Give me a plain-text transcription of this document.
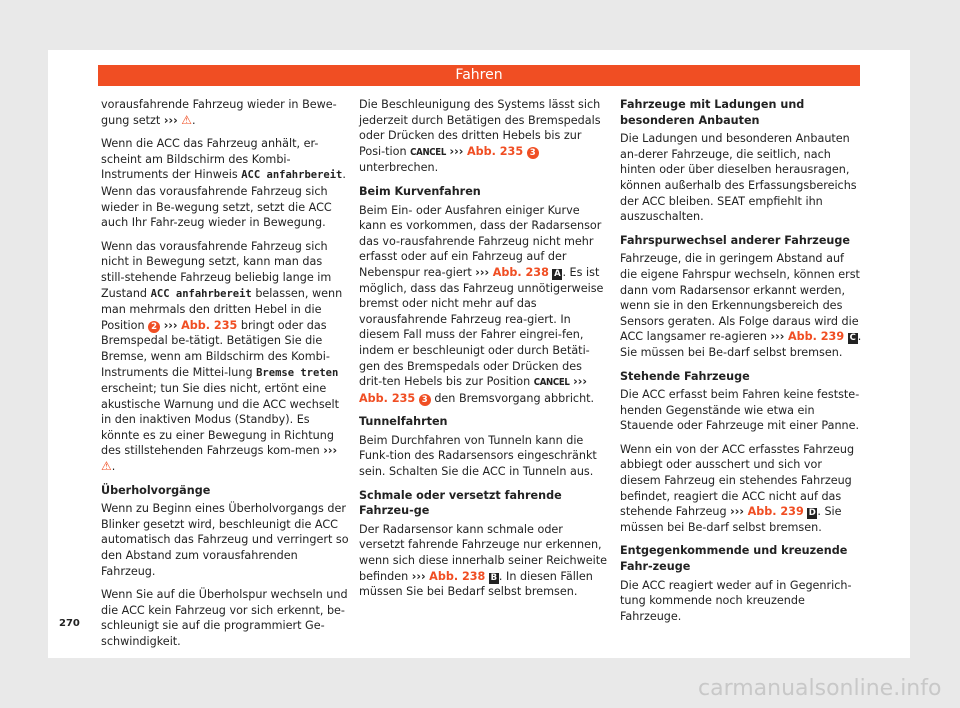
Fahren

vorausfahrende Fahrzeug wieder in Bewe-gung setzt ››› ⚠.

Wenn die ACC das Fahrzeug anhält, er-scheint am Bildschirm des Kombi-Instruments der Hinweis ACC anfahrbereit. Wenn das vorausfahrende Fahrzeug sich wieder in Be-wegung setzt, setzt die ACC auch Ihr Fahr-zeug wieder in Bewegung.

Wenn das vorausfahrende Fahrzeug sich nicht in Bewegung setzt, kann man das still-stehende Fahrzeug beliebig lange im Zustand ACC anfahrbereit belassen, wenn man mehrmals den dritten Hebel in die Position 2 ››› Abb. 235 bringt oder das Bremspedal be-tätigt. Betätigen Sie die Bremse, wenn am Bildschirm des Kombi-Instruments die Mittei-lung Bremse treten erscheint; tun Sie dies nicht, ertönt eine akustische Warnung und die ACC wechselt in den inaktiven Modus (Standby). Es könnte es zu einer Bewegung in Richtung des stillstehenden Fahrzeugs kom-men ››› ⚠.

Überholvorgänge

Wenn zu Beginn eines Überholvorgangs der Blinker gesetzt wird, beschleunigt die ACC automatisch das Fahrzeug und verringert so den Abstand zum vorausfahrenden Fahrzeug.

Wenn Sie auf die Überholspur wechseln und die ACC kein Fahrzeug vor sich erkennt, be-schleunigt sie auf die programmiert Ge-schwindigkeit.

Die Beschleunigung des Systems lässt sich jederzeit durch Betätigen des Bremspedals oder Drücken des dritten Hebels bis zur Posi-tion CANCEL ››› Abb. 235 3 unterbrechen.

Beim Kurvenfahren

Beim Ein- oder Ausfahren einiger Kurve kann es vorkommen, dass der Radarsensor das vo-rausfahrende Fahrzeug nicht mehr erfasst oder auf ein Fahrzeug auf der Nebenspur rea-giert ››› Abb. 238 A . Es ist möglich, dass das Fahrzeug unnötigerweise bremst oder nicht mehr auf das vorausfahrende Fahrzeug rea-giert. In diesem Fall muss der Fahrer eingrei-fen, indem er beschleunigt oder durch Betäti-gen des Bremspedals oder Drücken des drit-ten Hebels bis zur Position CANCEL ››› Abb. 235 3 den Bremsvorgang abbricht.

Tunnelfahrten

Beim Durchfahren von Tunneln kann die Funk-tion des Radarsensors eingeschränkt sein. Schalten Sie die ACC in Tunneln aus.

Schmale oder versetzt fahrende Fahrzeu-ge

Der Radarsensor kann schmale oder versetzt fahrende Fahrzeuge nur erkennen, wenn sich diese innerhalb seiner Reichweite befinden ››› Abb. 238 B . In diesen Fällen müssen Sie bei Bedarf selbst bremsen.

Fahrzeuge mit Ladungen und besonderen Anbauten

Die Ladungen und besonderen Anbauten an-derer Fahrzeuge, die seitlich, nach hinten oder über dieselben herausragen, können außerhalb des Erfassungsbereichs der ACC bleiben. SEAT empfiehlt ihn auszuschalten.

Fahrspurwechsel anderer Fahrzeuge

Fahrzeuge, die in geringem Abstand auf die eigene Fahrspur wechseln, können erst dann vom Radarsensor erkannt werden, wenn sie in den Erkennungsbereich des Sensors geraten. Als Folge daraus wird die ACC langsamer re-agieren ››› Abb. 239 C . Sie müssen bei Be-darf selbst bremsen.

Stehende Fahrzeuge

Die ACC erfasst beim Fahren keine festste-henden Gegenstände wie etwa ein Stauende oder Fahrzeuge mit einer Panne.

Wenn ein von der ACC erfasstes Fahrzeug abbiegt oder ausschert und sich vor diesem Fahrzeug ein stehendes Fahrzeug befindet, reagiert die ACC nicht auf das stehende Fahrzeug ››› Abb. 239 D. Sie müssen bei Be-darf selbst bremsen.

Entgegenkommende und kreuzende Fahr-zeuge

Die ACC reagiert weder auf in Gegenrich-tung kommende noch kreuzende Fahrzeuge.

270
carmanualsonline.info
